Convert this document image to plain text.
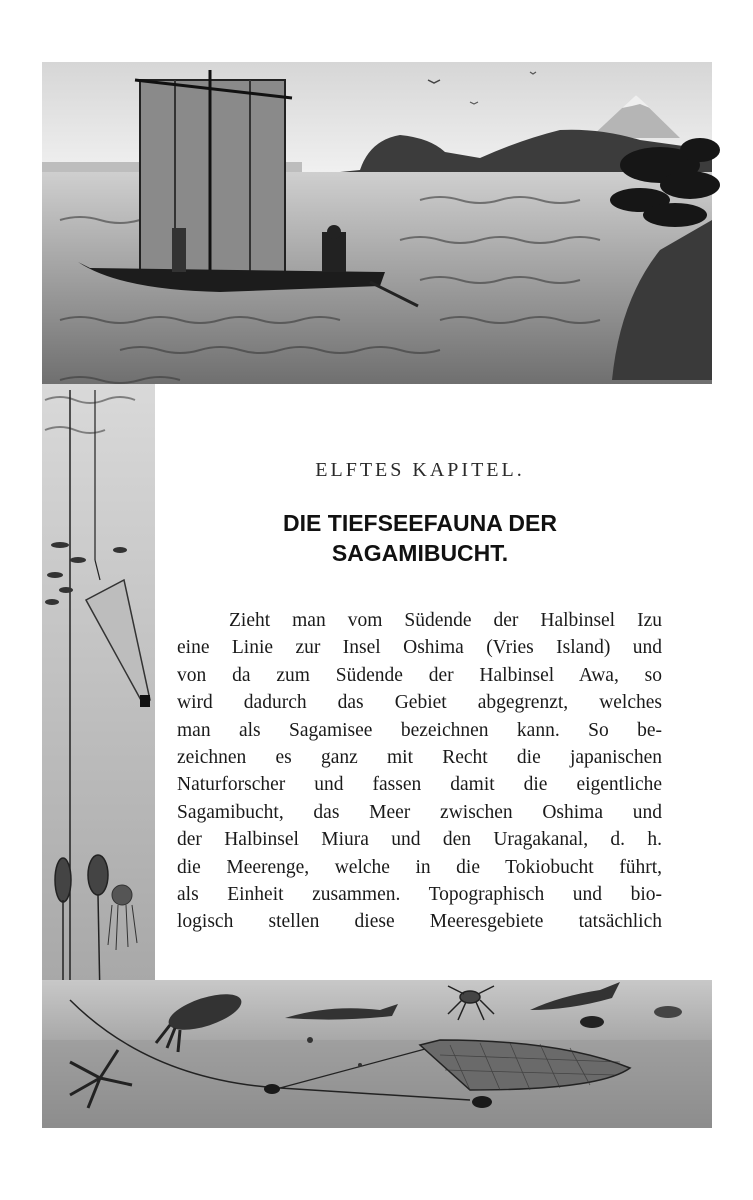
ELFTES KAPITEL.
DIE TIEFSEEFAUNA DER
SAGAMIBUCHT.
Zieht man vom Südende der Halbinsel Izu
eine Linie zur Insel Oshima (Vries Island) und
von da zum Südende der Halbinsel Awa, so
wird dadurch das Gebiet abgegrenzt, welches
man als Sagamisee bezeichnen kann. So be-
zeichnen es ganz mit Recht die japanischen
Naturforscher und fassen damit die eigentliche
Sagamibucht, das Meer zwischen Oshima und
der Halbinsel Miura und den Uragakanal, d. h.
die Meerenge, welche in die Tokiobucht führt,
als Einheit zusammen. Topographisch und bio-
logisch stellen diese Meeresgebiete tatsächlich
